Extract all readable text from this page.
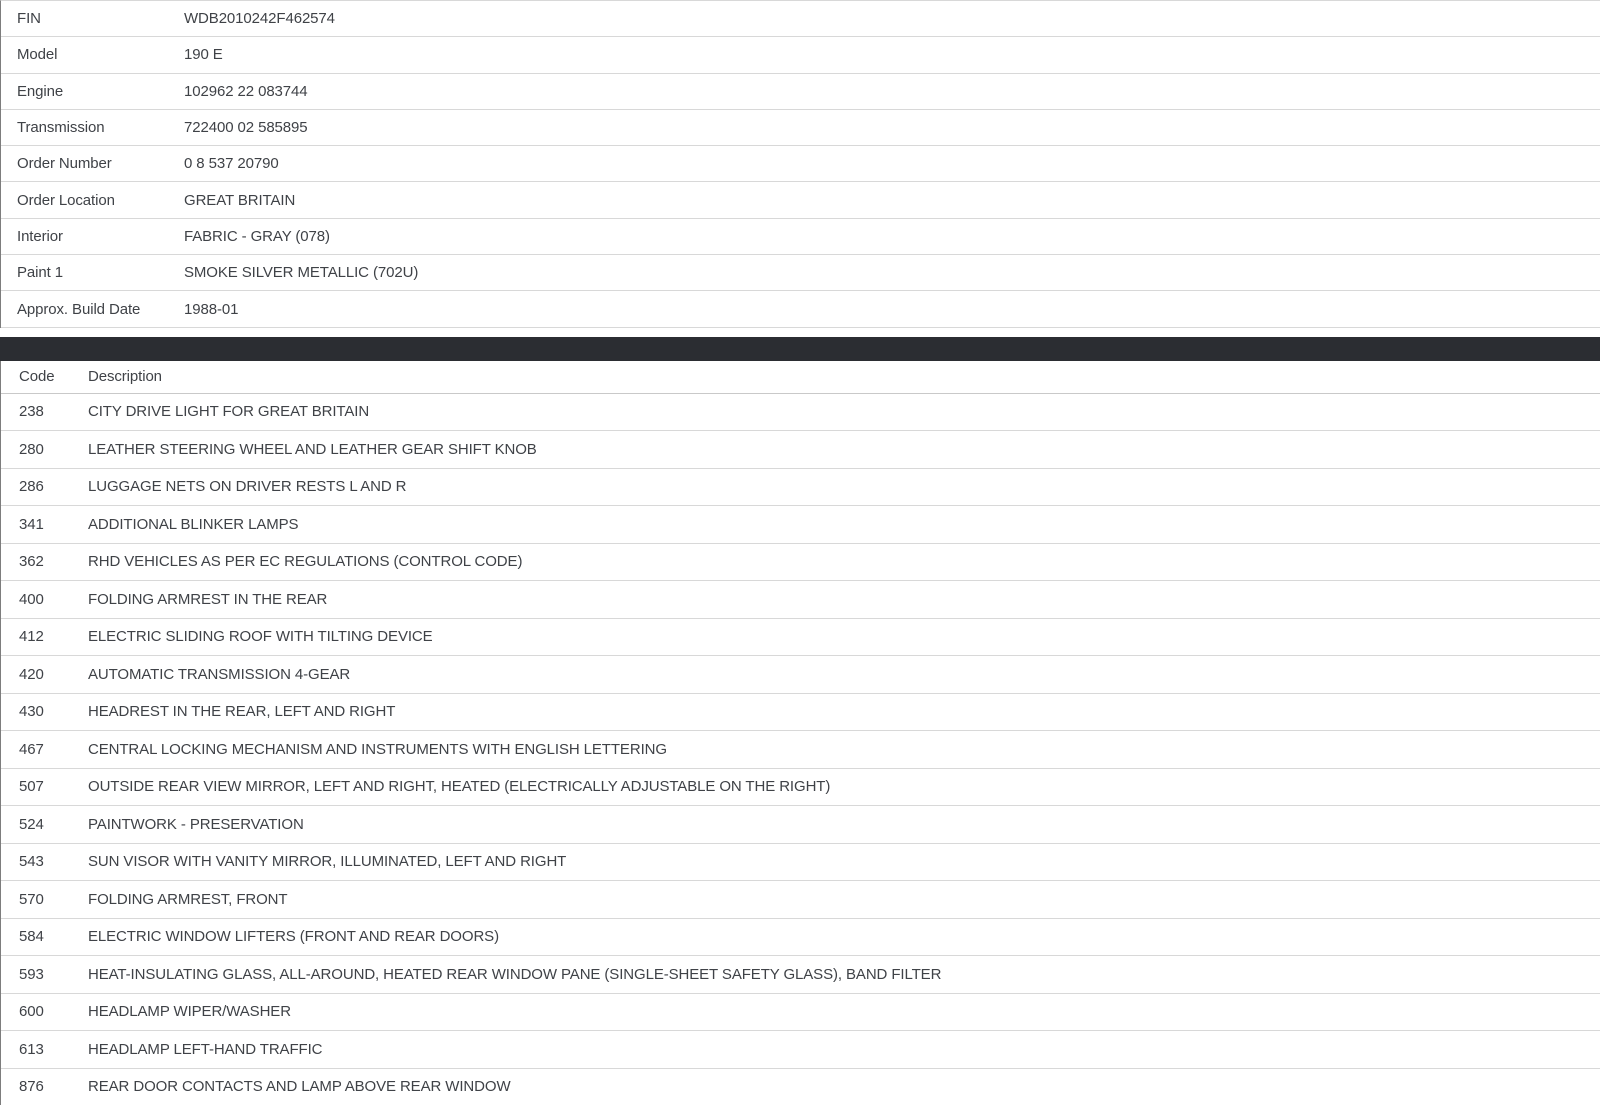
FIN	WDB2010242F462574
Model	190 E
Engine	102962 22 083744
Transmission	722400 02 585895
Order Number	0 8 537 20790
Order Location	GREAT BRITAIN
Interior	FABRIC - GRAY (078)
Paint 1	SMOKE SILVER METALLIC (702U)
Approx. Build Date	1988-01
Code	Description
238	CITY DRIVE LIGHT FOR GREAT BRITAIN
280	LEATHER STEERING WHEEL AND LEATHER GEAR SHIFT KNOB
286	LUGGAGE NETS ON DRIVER RESTS L AND R
341	ADDITIONAL BLINKER LAMPS
362	RHD VEHICLES AS PER EC REGULATIONS (CONTROL CODE)
400	FOLDING ARMREST IN THE REAR
412	ELECTRIC SLIDING ROOF WITH TILTING DEVICE
420	AUTOMATIC TRANSMISSION 4-GEAR
430	HEADREST IN THE REAR, LEFT AND RIGHT
467	CENTRAL LOCKING MECHANISM AND INSTRUMENTS WITH ENGLISH LETTERING
507	OUTSIDE REAR VIEW MIRROR, LEFT AND RIGHT, HEATED (ELECTRICALLY ADJUSTABLE ON THE RIGHT)
524	PAINTWORK - PRESERVATION
543	SUN VISOR WITH VANITY MIRROR, ILLUMINATED, LEFT AND RIGHT
570	FOLDING ARMREST, FRONT
584	ELECTRIC WINDOW LIFTERS (FRONT AND REAR DOORS)
593	HEAT-INSULATING GLASS, ALL-AROUND, HEATED REAR WINDOW PANE (SINGLE-SHEET SAFETY GLASS), BAND FILTER
600	HEADLAMP WIPER/WASHER
613	HEADLAMP LEFT-HAND TRAFFIC
876	REAR DOOR CONTACTS AND LAMP ABOVE REAR WINDOW
